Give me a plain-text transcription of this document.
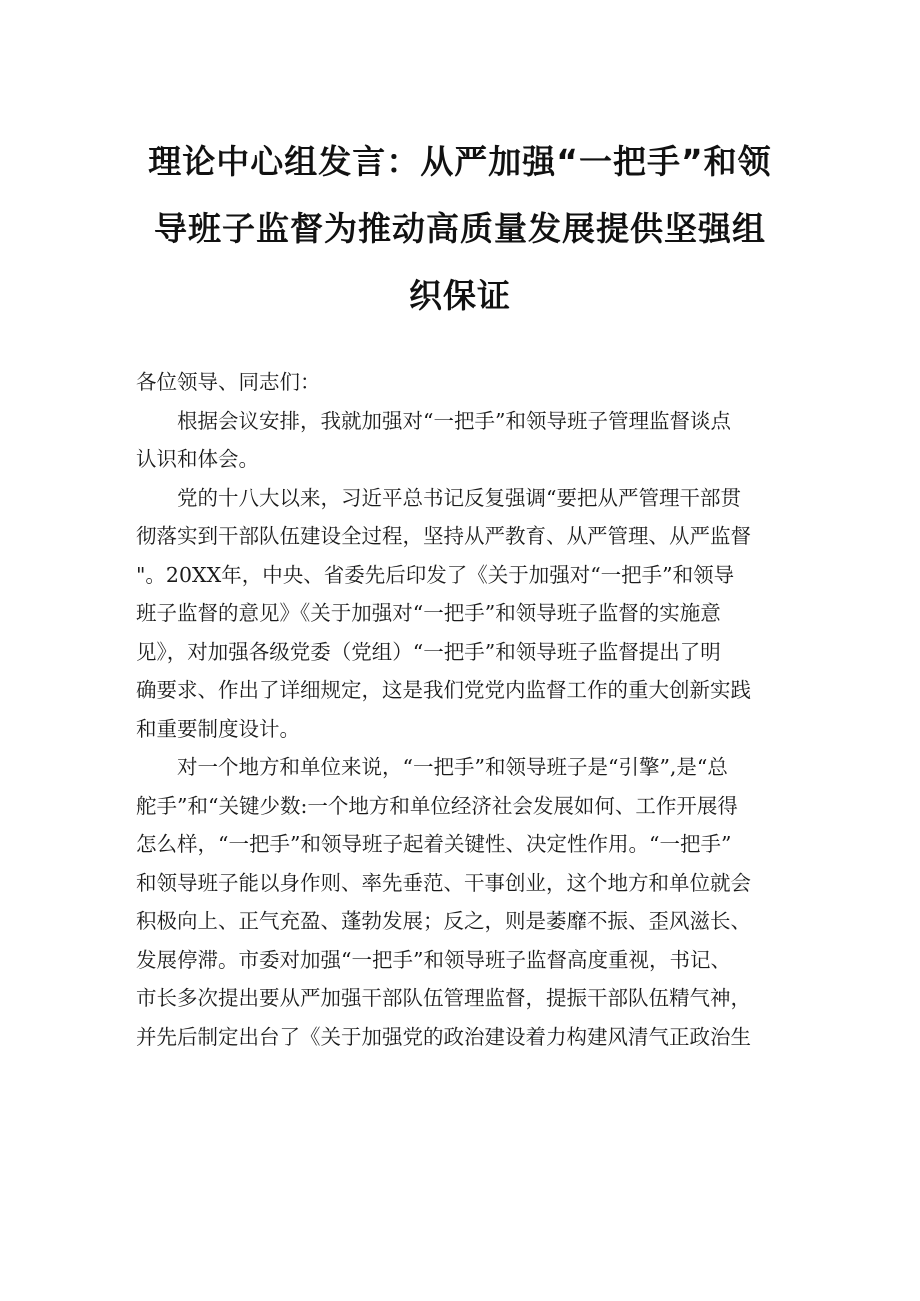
理论中心组发言：从严加强“一把手”和领
导班子监督为推动高质量发展提供坚强组
织保证
各位领导、同志们：
　　根据会议安排，我就加强对“一把手”和领导班子管理监督谈点
认识和体会。
　　党的十八大以来，习近平总书记反复强调“要把从严管理干部贯
彻落实到干部队伍建设全过程，坚持从严教育、从严管理、从严监督
"。20XX年，中央、省委先后印发了《关于加强对“一把手”和领导
班子监督的意见》《关于加强对“一把手”和领导班子监督的实施意
见》，对加强各级党委（党组）“一把手”和领导班子监督提出了明
确要求、作出了详细规定，这是我们党党内监督工作的重大创新实践
和重要制度设计。
　　对一个地方和单位来说，“一把手”和领导班子是“引擎”,是“总
舵手”和“关键少数:一个地方和单位经济社会发展如何、工作开展得
怎么样，“一把手”和领导班子起着关键性、决定性作用。“一把手”
和领导班子能以身作则、率先垂范、干事创业，这个地方和单位就会
积极向上、正气充盈、蓬勃发展；反之，则是萎靡不振、歪风滋长、
发展停滞。市委对加强“一把手”和领导班子监督高度重视，书记、
市长多次提出要从严加强干部队伍管理监督，提振干部队伍精气神，
并先后制定出台了《关于加强党的政治建设着力构建风清气正政治生
